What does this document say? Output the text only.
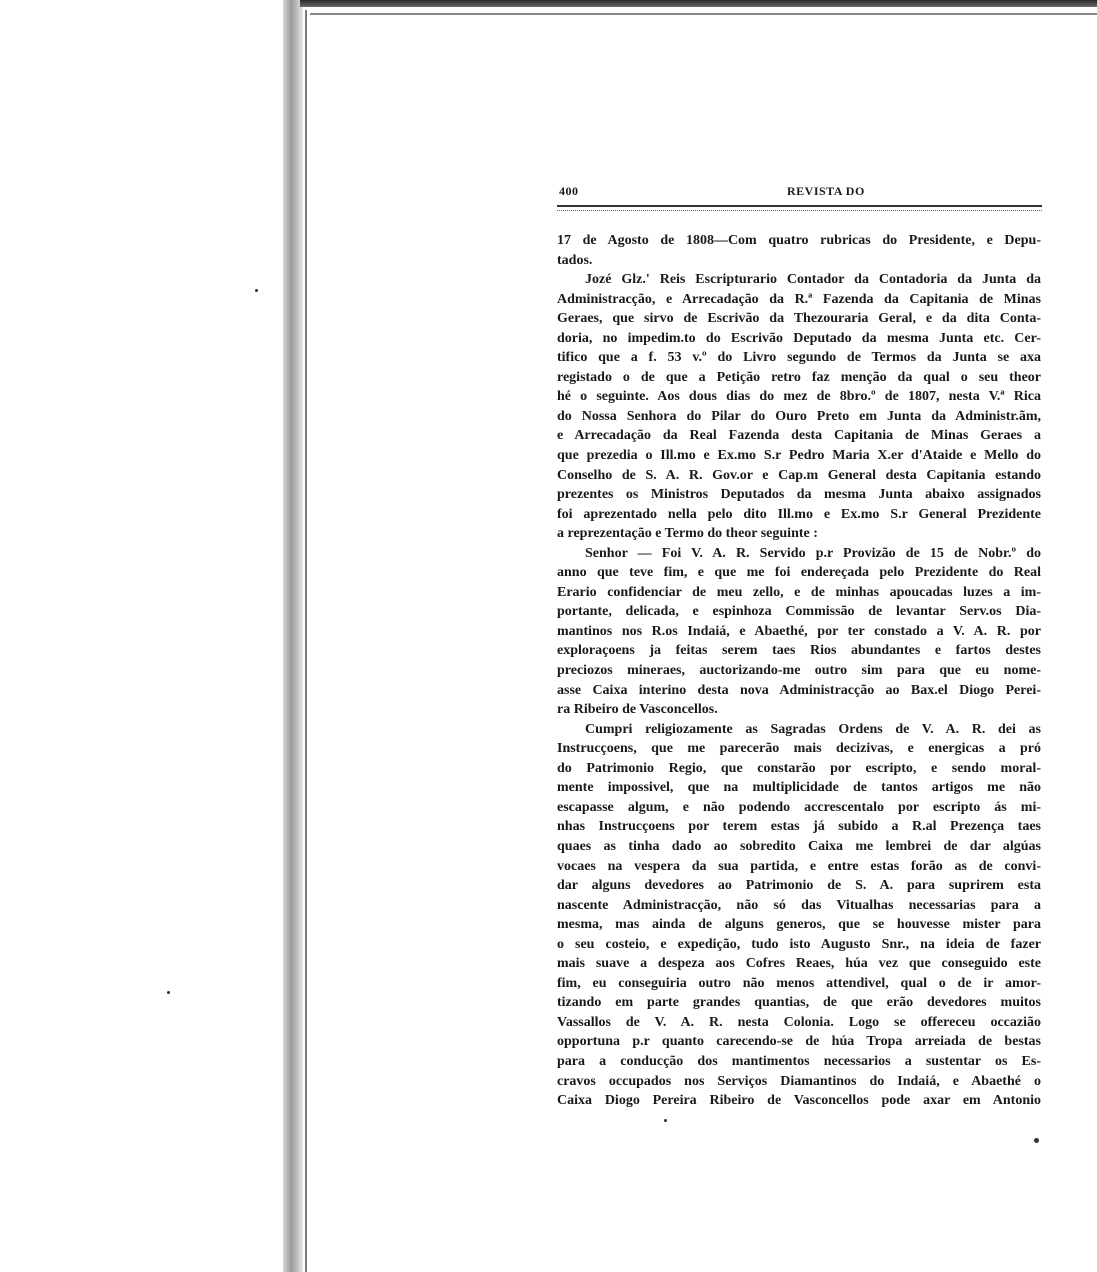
400	REVISTA DO
17 de Agosto de 1808—Com quatro rubricas do Presidente, e Depu-
tados.
Jozé Glz.' Reis Escripturario Contador da Contadoria da Junta da
Administracção, e Arrecadação da R.ª Fazenda da Capitania de Minas
Geraes, que sirvo de Escrivão da Thezouraria Geral, e da dita Conta-
doria, no impedim.to do Escrivão Deputado da mesma Junta etc. Cer-
tifico que a f. 53 v.º do Livro segundo de Termos da Junta se axa
registado o de que a Petição retro faz menção da qual o seu theor
hé o seguinte. Aos dous dias do mez de 8bro.º de 1807, nesta V.ª Rica
do Nossa Senhora do Pilar do Ouro Preto em Junta da Administr.ãm,
e Arrecadação da Real Fazenda desta Capitania de Minas Geraes a
que prezedia o Ill.mo e Ex.mo S.r Pedro Maria X.er d'Ataide e Mello do
Conselho de S. A. R. Gov.or e Cap.m General desta Capitania estando
prezentes os Ministros Deputados da mesma Junta abaixo assignados
foi aprezentado nella pelo dito Ill.mo e Ex.mo S.r General Prezidente
a reprezentação e Termo do theor seguinte :
Senhor — Foi V. A. R. Servido p.r Provizão de 15 de Nobr.º do
anno que teve fim, e que me foi endereçada pelo Prezidente do Real
Erario confidenciar de meu zello, e de minhas apoucadas luzes a im-
portante, delicada, e espinhoza Commissão de levantar Serv.os Dia-
mantinos nos R.os Indaiá, e Abaethé, por ter constado a V. A. R. por
exploraçoens ja feitas serem taes Rios abundantes e fartos destes
preciozos mineraes, auctorizando-me outro sim para que eu nome-
asse Caixa interino desta nova Administracção ao Bax.el Diogo Perei-
ra Ribeiro de Vasconcellos.
Cumpri religiozamente as Sagradas Ordens de V. A. R. dei as
Instrucçoens, que me parecerão mais decizivas, e energicas a pró
do Patrimonio Regio, que constarão por escripto, e sendo moral-
mente impossivel, que na multiplicidade de tantos artigos me não
escapasse algum, e não podendo accrescentalo por escripto ás mi-
nhas Instrucçoens por terem estas já subido a R.al Prezença taes
quaes as tinha dado ao sobredito Caixa me lembrei de dar algúas
vocaes na vespera da sua partida, e entre estas forão as de convi-
dar alguns devedores ao Patrimonio de S. A. para suprirem esta
nascente Administracção, não só das Vitualhas necessarias para a
mesma, mas ainda de alguns generos, que se houvesse mister para
o seu costeio, e expedição, tudo isto Augusto Snr., na ideia de fazer
mais suave a despeza aos Cofres Reaes, húa vez que conseguido este
fim, eu conseguiria outro não menos attendivel, qual o de ir amor-
tizando em parte grandes quantias, de que erão devedores muitos
Vassallos de V. A. R. nesta Colonia. Logo se offereceu occazião
opportuna p.r quanto carecendo-se de húa Tropa arreiada de bestas
para a conducção dos mantimentos necessarios a sustentar os Es-
cravos occupados nos Serviços Diamantinos do Indaiá, e Abaethé o
Caixa Diogo Pereira Ribeiro de Vasconcellos pode axar em Antonio
